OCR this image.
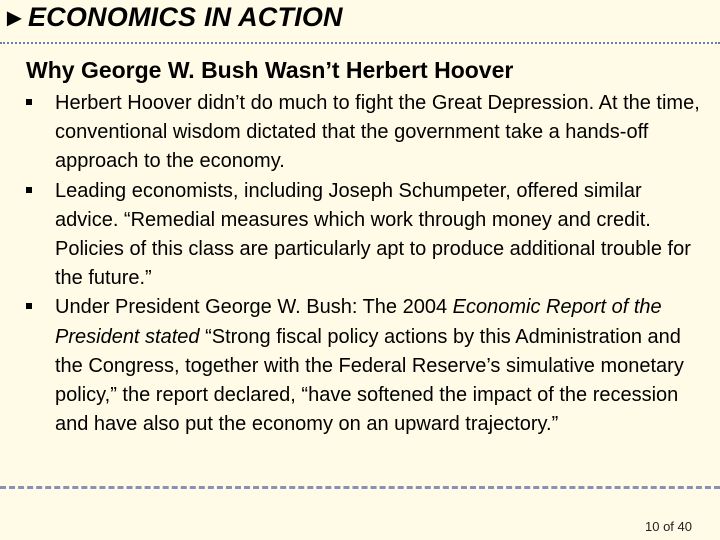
►ECONOMICS IN ACTION
Why George W. Bush Wasn’t Herbert Hoover
Herbert Hoover didn’t do much to fight the Great Depression. At the time, conventional wisdom dictated that the government take a hands-off approach to the economy.
Leading economists, including Joseph Schumpeter, offered similar advice. “Remedial measures which work through money and credit. Policies of this class are particularly apt to produce additional trouble for the future.”
Under President George W. Bush: The 2004 Economic Report of the President stated “Strong fiscal policy actions by this Administration and the Congress, together with the Federal Reserve’s simulative monetary policy,” the report declared, “have softened the impact of the recession and have also put the economy on an upward trajectory.”
10 of 40
